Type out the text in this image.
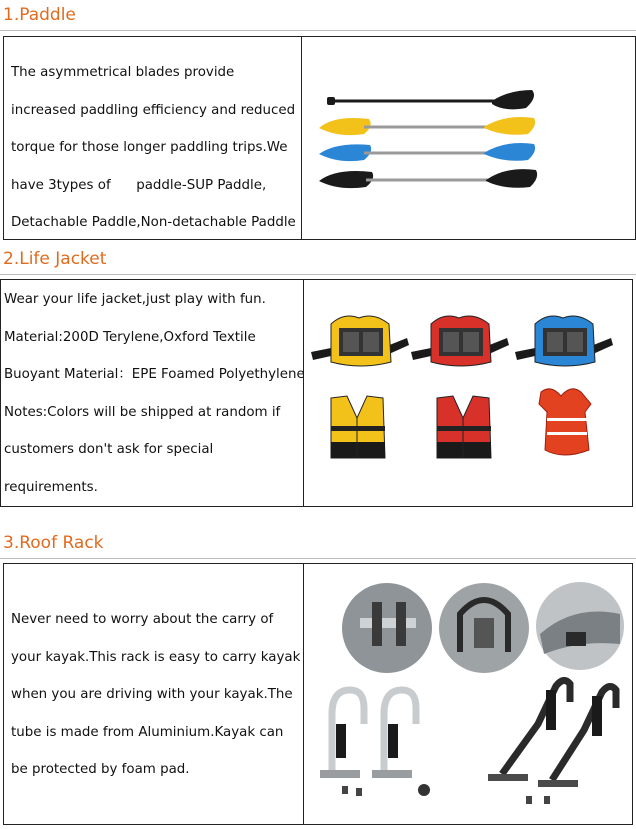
1.Paddle
The asymmetrical blades provide
increased paddling efficiency and reduced
torque for those longer paddling trips.We
have 3types of      paddle-SUP Paddle,
Detachable Paddle,Non-detachable Paddle
2.Life Jacket
Wear your life jacket,just play with fun.
Material:200D Terylene,Oxford Textile
Buoyant Material：EPE Foamed Polyethylene
Notes:Colors will be shipped at random if
customers don't ask for special
requirements.
3.Roof Rack
Never need to worry about the carry of
your kayak.This rack is easy to carry kayak
when you are driving with your kayak.The
tube is made from Aluminium.Kayak can
be protected by foam pad.
